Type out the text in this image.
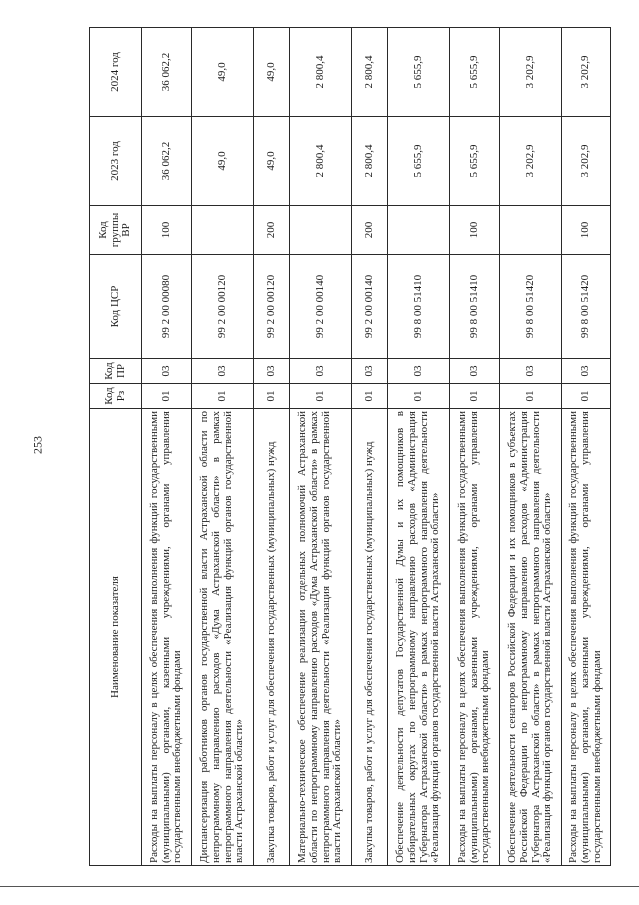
253
Наименование показателя	Код Рз	Код ПР	Код ЦСР	Код группы ВР	2023 год	2024 год
Расходы на выплаты персоналу в целях обеспечения выполнения функций государственными (муниципальными) органами, казенными учреждениями, органами управления государственными внебюджетными фондами	01	03	99 2 00 00080	100	36 062,2	36 062,2
Диспансеризация работников органов государственной власти Астраханской области по непрограммному направлению расходов «Дума Астраханской области» в рамках непрограммного направления деятельности «Реализация функций органов государственной власти Астраханской области»	01	03	99 2 00 00120		49,0	49,0
Закупка товаров, работ и услуг для обеспечения государственных (муниципальных) нужд	01	03	99 2 00 00120	200	49,0	49,0
Материально-техническое обеспечение реализации отдельных полномочий Астраханской области по непрограммному направлению расходов «Дума Астраханской области» в рамках непрограммного направления деятельности «Реализация функций органов государственной власти Астраханской области»	01	03	99 2 00 00140		2 800,4	2 800,4
Закупка товаров, работ и услуг для обеспечения государственных (муниципальных) нужд	01	03	99 2 00 00140	200	2 800,4	2 800,4
Обеспечение деятельности депутатов Государственной Думы и их помощников в избирательных округах по непрограммному направлению расходов «Администрация Губернатора Астраханской области» в рамках непрограммного направления деятельности «Реализация функций органов государственной власти Астраханской области»	01	03	99 8 00 51410		5 655,9	5 655,9
Расходы на выплаты персоналу в целях обеспечения выполнения функций государственными (муниципальными) органами, казенными учреждениями, органами управления государственными внебюджетными фондами	01	03	99 8 00 51410	100	5 655,9	5 655,9
Обеспечение деятельности сенаторов Российской Федерации и их помощников в субъектах Российской Федерации по непрограммному направлению расходов «Администрация Губернатора Астраханской области» в рамках непрограммного направления деятельности «Реализация функций органов государственной власти Астраханской области»	01	03	99 8 00 51420		3 202,9	3 202,9
Расходы на выплаты персоналу в целях обеспечения выполнения функций государственными (муниципальными) органами, казенными учреждениями, органами управления государственными внебюджетными фондами	01	03	99 8 00 51420	100	3 202,9	3 202,9
